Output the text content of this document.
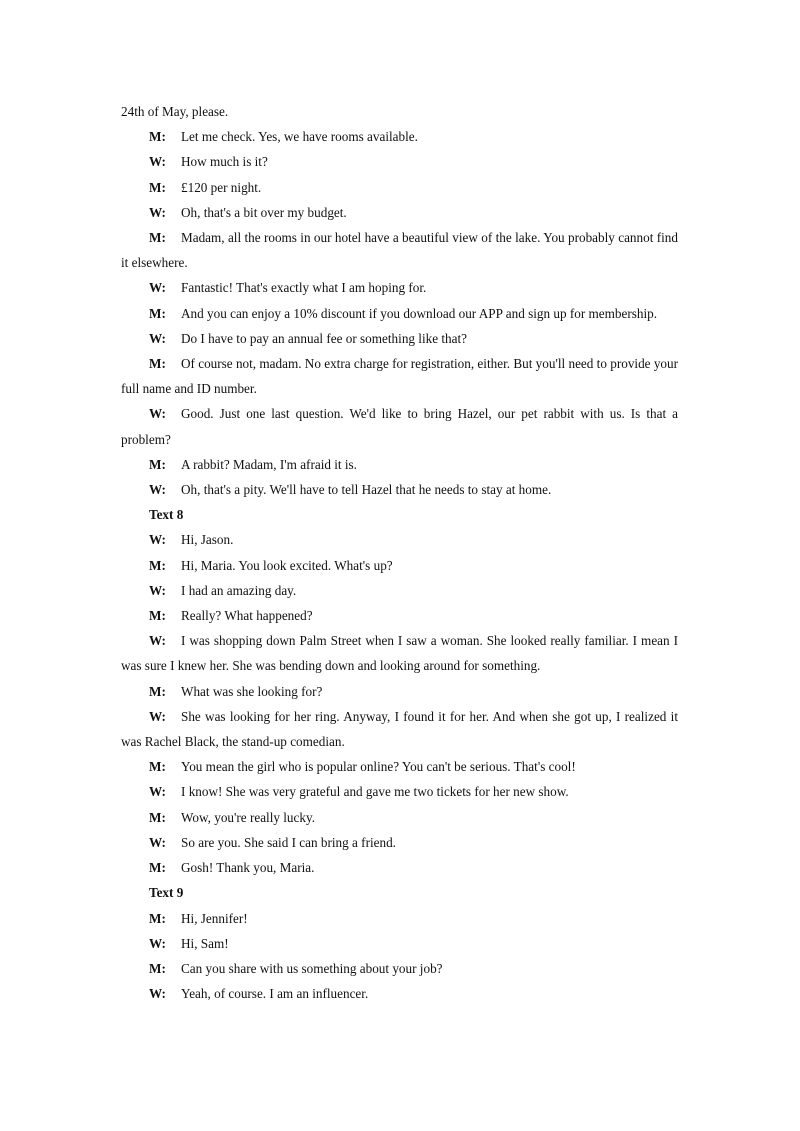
24th of May, please.

M: Let me check. Yes, we have rooms available.

W: How much is it?

M: £120 per night.

W: Oh, that's a bit over my budget.

M: Madam, all the rooms in our hotel have a beautiful view of the lake. You probably cannot find it elsewhere.

W: Fantastic! That's exactly what I am hoping for.

M: And you can enjoy a 10% discount if you download our APP and sign up for membership.

W: Do I have to pay an annual fee or something like that?

M: Of course not, madam. No extra charge for registration, either. But you'll need to provide your full name and ID number.

W: Good. Just one last question. We'd like to bring Hazel, our pet rabbit with us. Is that a problem?

M: A rabbit? Madam, I'm afraid it is.

W: Oh, that's a pity. We'll have to tell Hazel that he needs to stay at home.

Text 8

W: Hi, Jason.

M: Hi, Maria. You look excited. What's up?

W: I had an amazing day.

M: Really? What happened?

W: I was shopping down Palm Street when I saw a woman. She looked really familiar. I mean I was sure I knew her. She was bending down and looking around for something.

M: What was she looking for?

W: She was looking for her ring. Anyway, I found it for her. And when she got up, I realized it was Rachel Black, the stand-up comedian.

M: You mean the girl who is popular online? You can't be serious. That's cool!

W: I know! She was very grateful and gave me two tickets for her new show.

M: Wow, you're really lucky.

W: So are you. She said I can bring a friend.

M: Gosh! Thank you, Maria.

Text 9

M: Hi, Jennifer!

W: Hi, Sam!

M: Can you share with us something about your job?

W: Yeah, of course. I am an influencer.
